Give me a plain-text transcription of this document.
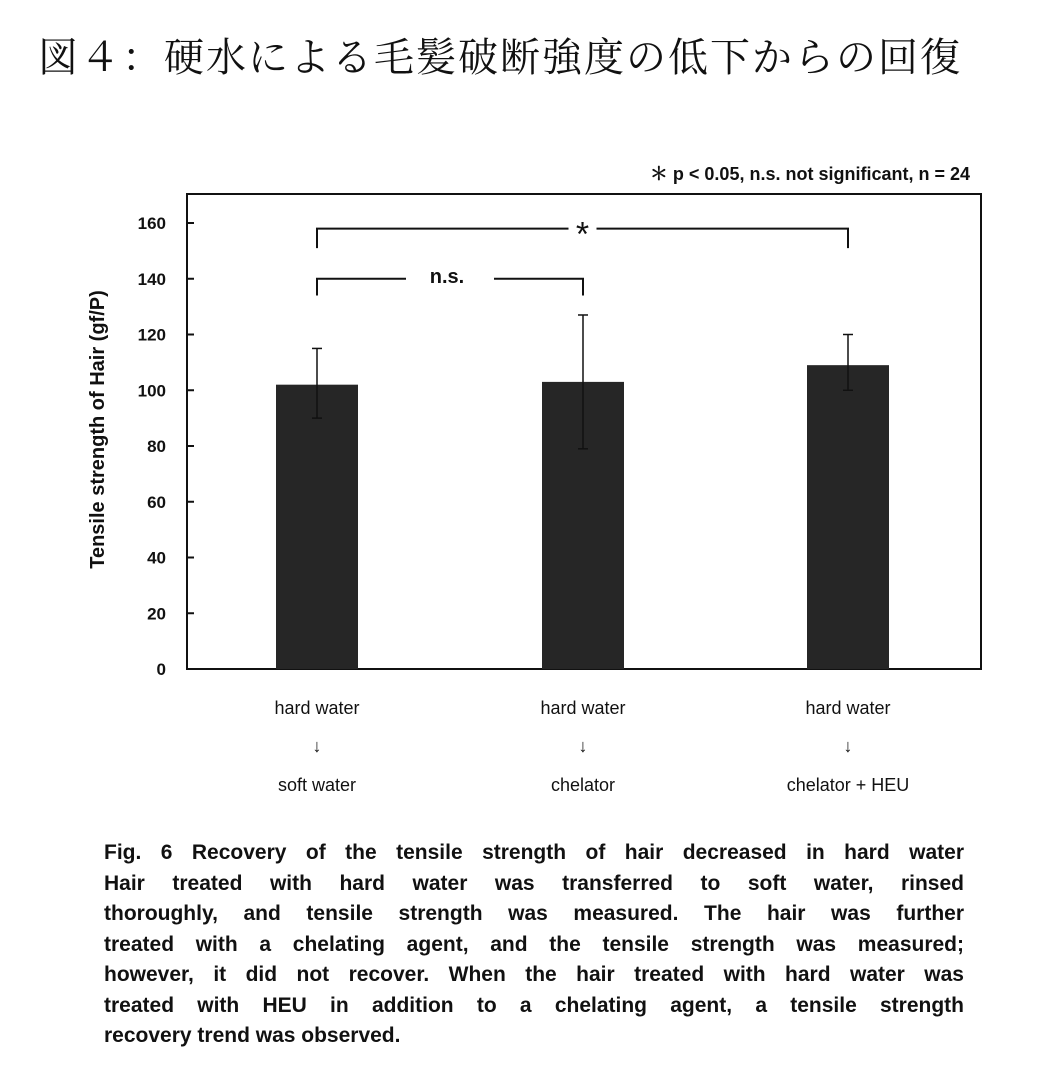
図４：硬水による毛髪破断強度の低下からの回復
＊ p < 0.05, n.s. not significant, n = 24
0
20
40
60
80
100
120
140
160
Tensile strength of Hair (gf/P)
n.s.
*
hard water
↓
soft water
hard water
↓
chelator
hard water
↓
chelator + HEU
Fig. 6 Recovery of the tensile strength of hair decreased in hard water
Hair treated with hard water was transferred to soft water, rinsed
thoroughly, and tensile strength was measured. The hair was further
treated with a chelating agent, and the tensile strength was measured;
however, it did not recover. When the hair treated with hard water was
treated with HEU in addition to a chelating agent, a tensile strength
recovery trend was observed.
